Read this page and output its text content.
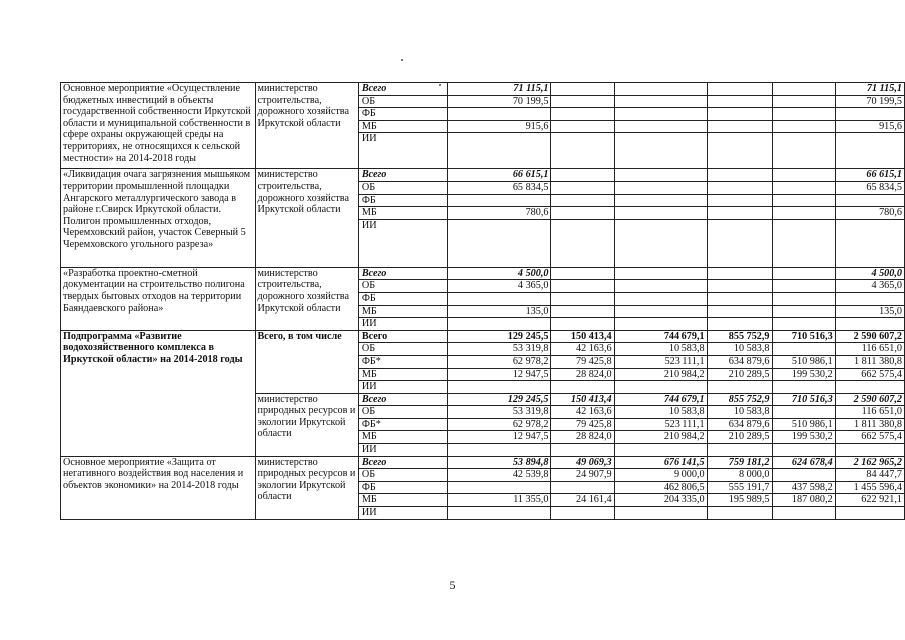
Основное мероприятие «Осуществление бюджетных инвестиций в объекты государственной собственности Иркутской области и муниципальной собственности в сфере охраны окружающей среды на территориях, не относящихся к сельской местности» на 2014-2018 годы	министерство строительства, дорожного хозяйства Иркутской области	Всего	71 115,1					71 115,1
		ОБ	70 199,5					70 199,5
		ФБ						
		МБ	915,6					915,6
		ИИ						
«Ликвидация очага загрязнения мышьяком территории промышленной площадки Ангарского металлургического завода в районе г.Свирск Иркутской области. Полигон промышленных отходов, Черемховский район, участок Северный 5 Черемховского угольного разреза»	министерство строительства, дорожного хозяйства Иркутской области	Всего	66 615,1					66 615,1
		ОБ	65 834,5					65 834,5
		ФБ						
		МБ	780,6					780,6
		ИИ						
«Разработка проектно-сметной документации на строительство полигона твердых бытовых отходов на территории Баяндаевского района»	министерство строительства, дорожного хозяйства Иркутской области	Всего	4 500,0					4 500,0
		ОБ	4 365,0					4 365,0
		ФБ						
		МБ	135,0					135,0
		ИИ						
Подпрограмма «Развитие водохозяйственного комплекса в Иркутской области» на 2014-2018 годы	Всего, в том числе	Всего	129 245,5	150 413,4	744 679,1	855 752,9	710 516,3	2 590 607,2
		ОБ	53 319,8	42 163,6	10 583,8	10 583,8		116 651,0
		ФБ*	62 978,2	79 425,8	523 111,1	634 879,6	510 986,1	1 811 380,8
		МБ	12 947,5	28 824,0	210 984,2	210 289,5	199 530,2	662 575,4
		ИИ						
	министерство природных ресурсов и экологии Иркутской области	Всего	129 245,5	150 413,4	744 679,1	855 752,9	710 516,3	2 590 607,2
		ОБ	53 319,8	42 163,6	10 583,8	10 583,8		116 651,0
		ФБ*	62 978,2	79 425,8	523 111,1	634 879,6	510 986,1	1 811 380,8
		МБ	12 947,5	28 824,0	210 984,2	210 289,5	199 530,2	662 575,4
		ИИ						
Основное мероприятие «Защита от негативного воздействия вод населения и объектов экономики» на 2014-2018 годы	министерство природных ресурсов и экологии Иркутской области	Всего	53 894,8	49 069,3	676 141,5	759 181,2	624 678,4	2 162 965,2
		ОБ	42 539,8	24 907,9	9 000,0	8 000,0		84 447,7
		ФБ			462 806,5	555 191,7	437 598,2	1 455 596,4
		МБ	11 355,0	24 161,4	204 335,0	195 989,5	187 080,2	622 921,1
		ИИ						
5
